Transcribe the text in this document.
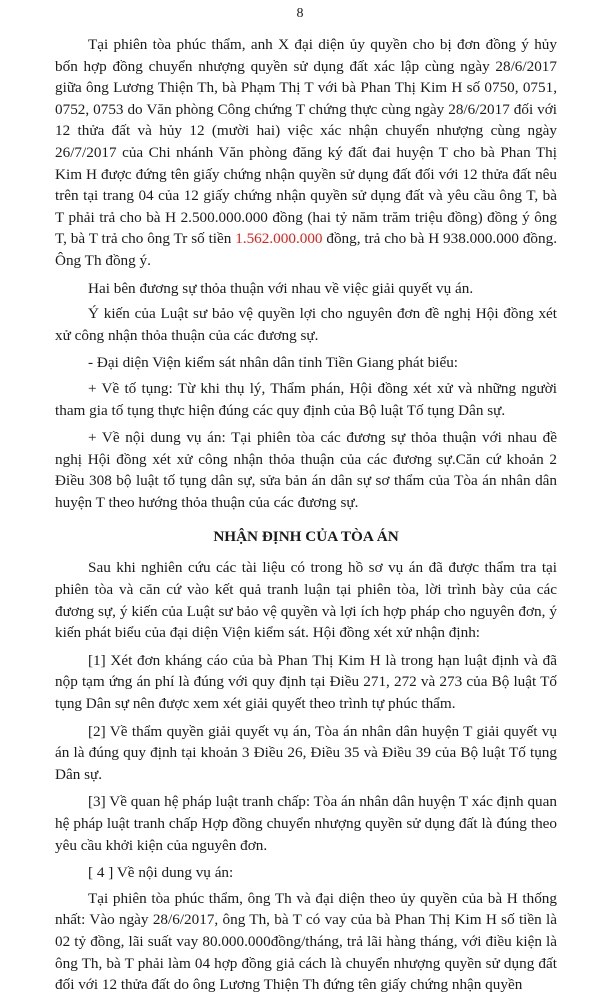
8

Tại phiên tòa phúc thẩm, anh X đại diện ủy quyền cho bị đơn đồng ý hủy bốn hợp đồng chuyển nhượng quyền sử dụng đất xác lập cùng ngày 28/6/2017 giữa ông Lương Thiện Th, bà Phạm Thị T với bà Phan Thị Kim H số 0750, 0751, 0752, 0753 do Văn phòng Công chứng T chứng thực cùng ngày 28/6/2017 đối với 12 thửa đất và hủy 12 (mười hai) việc xác nhận chuyển nhượng cùng ngày 26/7/2017 của Chi nhánh Văn phòng đăng ký đất đai huyện T cho bà Phan Thị Kim H được đứng tên giấy chứng nhận quyền sử dụng đất đối với 12 thửa đất nêu trên tại trang 04 của 12 giấy chứng nhận quyền sử dụng đất và yêu cầu ông T, bà T phải trả cho bà H 2.500.000.000 đồng (hai tỷ năm trăm triệu đồng) đồng ý ông T, bà T trả cho ông Tr số tiền 1.562.000.000 đồng, trả cho bà H 938.000.000 đồng. Ông Th đồng ý.

Hai bên đương sự thỏa thuận với nhau về việc giải quyết vụ án.

Ý kiến của Luật sư bảo vệ quyền lợi cho nguyên đơn đề nghị Hội đồng xét xử công nhận thỏa thuận của các đương sự.

- Đại diện Viện kiểm sát nhân dân tỉnh Tiền Giang phát biểu:

+ Về tố tụng: Từ khi thụ lý, Thẩm phán, Hội đồng xét xử và những người tham gia tố tụng thực hiện đúng các quy định của Bộ luật Tố tụng Dân sự.

+ Về nội dung vụ án: Tại phiên tòa các đương sự thỏa thuận với nhau đề nghị Hội đồng xét xử công nhận thỏa thuận của các đương sự.Căn cứ khoản 2 Điều 308 bộ luật tố tụng dân sự, sửa bản án dân sự sơ thẩm của Tòa án nhân dân huyện T theo hướng thỏa thuận của các đương sự.

NHẬN ĐỊNH CỦA TÒA ÁN

Sau khi nghiên cứu các tài liệu có trong hồ sơ vụ án đã được thẩm tra tại phiên tòa và căn cứ vào kết quả tranh luận tại phiên tòa, lời trình bày của các đương sự, ý kiến của Luật sư bảo vệ quyền và lợi ích hợp pháp cho nguyên đơn, ý kiến phát biểu của đại diện Viện kiểm sát. Hội đồng xét xử nhận định:

[1] Xét đơn kháng cáo của bà Phan Thị Kim H là trong hạn luật định và đã nộp tạm ứng án phí là đúng với quy định tại Điều 271, 272 và 273 của Bộ luật Tố tụng Dân sự nên được xem xét giải quyết theo trình tự phúc thẩm.

[2] Về thẩm quyền giải quyết vụ án, Tòa án nhân dân huyện T giải quyết vụ án là đúng quy định tại khoản 3 Điều 26, Điều 35 và Điều 39 của Bộ luật Tố tụng Dân sự.

[3] Về quan hệ pháp luật tranh chấp: Tòa án nhân dân huyện T xác định quan hệ pháp luật tranh chấp Hợp đồng chuyển nhượng quyền sử dụng đất là đúng theo yêu cầu khởi kiện của nguyên đơn.

[ 4 ] Về nội dung vụ án:

Tại phiên tòa phúc thẩm, ông Th và đại diện theo ủy quyền của bà H thống nhất: Vào ngày 28/6/2017, ông Th, bà T có vay của bà Phan Thị Kim H số tiền là 02 tỷ đồng, lãi suất vay 80.000.000đồng/tháng, trả lãi hàng tháng, với điều kiện là ông Th, bà T phải làm 04 hợp đồng giả cách là chuyển nhượng quyền sử dụng đất đối với 12 thửa đất do ông Lương Thiện Th đứng tên giấy chứng nhận quyền
